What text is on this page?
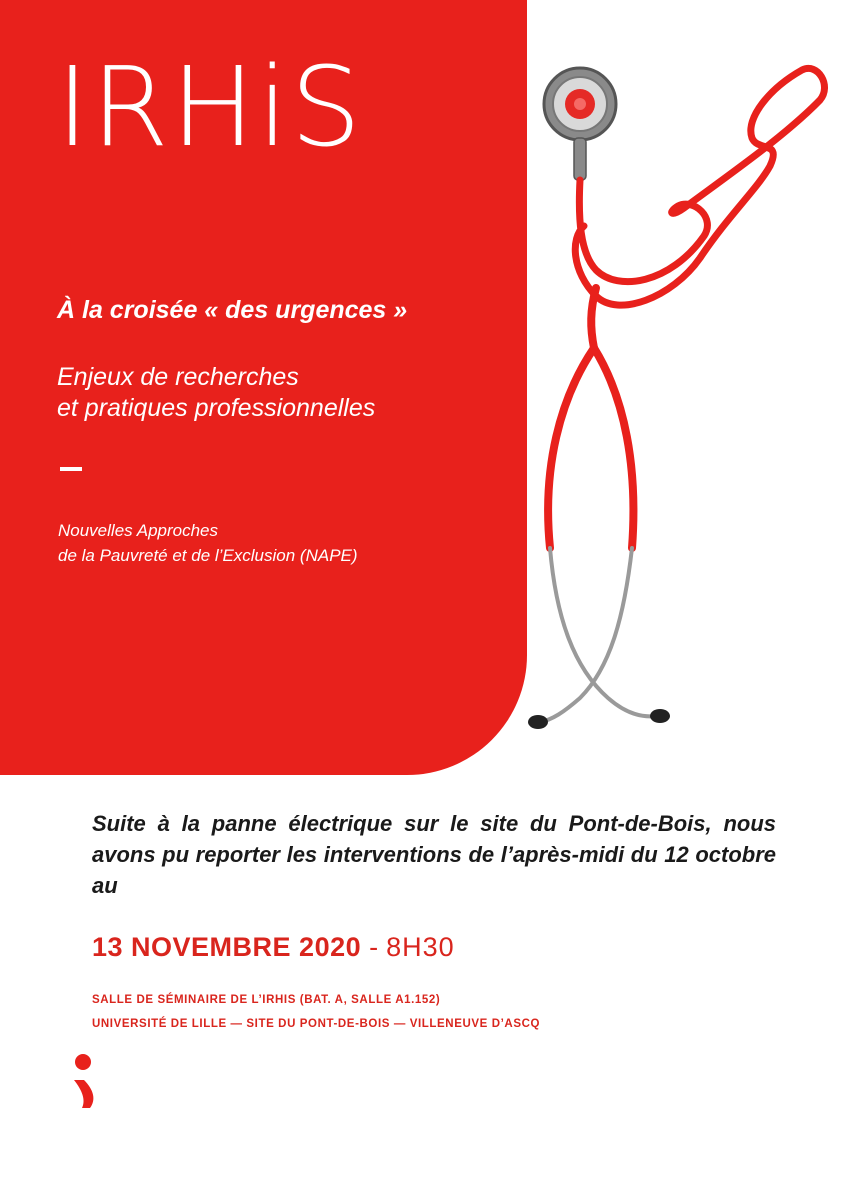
IRHiS
À la croisée « des urgences »

Enjeux de recherches
et pratiques professionnelles

Nouvelles Approches
de la Pauvreté et de l’Exclusion (NAPE)

Suite à la panne électrique sur le site du Pont-de-Bois, nous avons pu reporter les interventions de l’après-midi du 12 octobre au

13 NOVEMBRE 2020 - 8H30

SALLE DE SÉMINAIRE DE L’IRHIS (BAT. A, SALLE A1.152)
UNIVERSITÉ DE LILLE — SITE DU PONT-DE-BOIS — VILLENEUVE D’ASCQ
